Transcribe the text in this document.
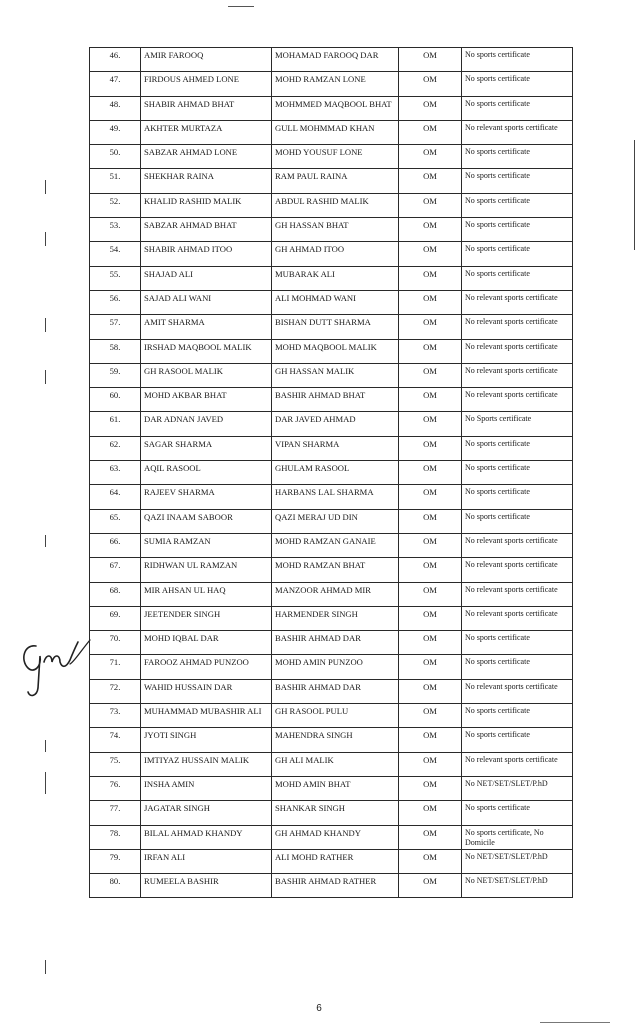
46.	AMIR FAROOQ	MOHAMAD FAROOQ DAR	OM	No sports certificate
47.	FIRDOUS AHMED LONE	MOHD RAMZAN LONE	OM	No sports certificate
48.	SHABIR AHMAD BHAT	MOHMMED MAQBOOL BHAT	OM	No sports certificate
49.	AKHTER MURTAZA	GULL MOHMMAD KHAN	OM	No relevant sports certificate
50.	SABZAR AHMAD LONE	MOHD YOUSUF LONE	OM	No sports certificate
51.	SHEKHAR RAINA	RAM PAUL RAINA	OM	No sports certificate
52.	KHALID RASHID MALIK	ABDUL RASHID MALIK	OM	No sports certificate
53.	SABZAR AHMAD BHAT	GH HASSAN BHAT	OM	No sports certificate
54.	SHABIR AHMAD ITOO	GH AHMAD ITOO	OM	No sports certificate
55.	SHAJAD ALI	MUBARAK ALI	OM	No sports certificate
56.	SAJAD ALI WANI	ALI MOHMAD WANI	OM	No relevant sports certificate
57.	AMIT SHARMA	BISHAN DUTT SHARMA	OM	No relevant sports certificate
58.	IRSHAD MAQBOOL MALIK	MOHD MAQBOOL MALIK	OM	No relevant sports certificate
59.	GH RASOOL MALIK	GH HASSAN MALIK	OM	No relevant sports certificate
60.	MOHD AKBAR BHAT	BASHIR AHMAD BHAT	OM	No relevant sports certificate
61.	DAR ADNAN JAVED	DAR JAVED AHMAD	OM	No Sports certificate
62.	SAGAR SHARMA	VIPAN SHARMA	OM	No sports certificate
63.	AQIL RASOOL	GHULAM RASOOL	OM	No sports certificate
64.	RAJEEV SHARMA	HARBANS LAL SHARMA	OM	No sports certificate
65.	QAZI INAAM SABOOR	QAZI MERAJ UD DIN	OM	No sports certificate
66.	SUMIA RAMZAN	MOHD RAMZAN GANAIE	OM	No relevant sports certificate
67.	RIDHWAN UL RAMZAN	MOHD RAMZAN BHAT	OM	No relevant sports certificate
68.	MIR AHSAN UL HAQ	MANZOOR AHMAD MIR	OM	No relevant sports certificate
69.	JEETENDER SINGH	HARMENDER SINGH	OM	No relevant sports certificate
70.	MOHD IQBAL DAR	BASHIR AHMAD DAR	OM	No sports certificate
71.	FAROOZ AHMAD PUNZOO	MOHD AMIN PUNZOO	OM	No sports certificate
72.	WAHID HUSSAIN DAR	BASHIR AHMAD DAR	OM	No relevant sports certificate
73.	MUHAMMAD MUBASHIR ALI	GH RASOOL PULU	OM	No sports certificate
74.	JYOTI SINGH	MAHENDRA SINGH	OM	No sports certificate
75.	IMTIYAZ HUSSAIN MALIK	GH ALI MALIK	OM	No relevant sports certificate
76.	INSHA AMIN	MOHD AMIN BHAT	OM	No NET/SET/SLET/P.hD
77.	JAGATAR SINGH	SHANKAR SINGH	OM	No sports certificate
78.	BILAL AHMAD KHANDY	GH AHMAD KHANDY	OM	No sports certificate, No Domicile
79.	IRFAN ALI	ALI MOHD RATHER	OM	No NET/SET/SLET/P.hD
80.	RUMEELA BASHIR	BASHIR AHMAD RATHER	OM	No NET/SET/SLET/P.hD
6
